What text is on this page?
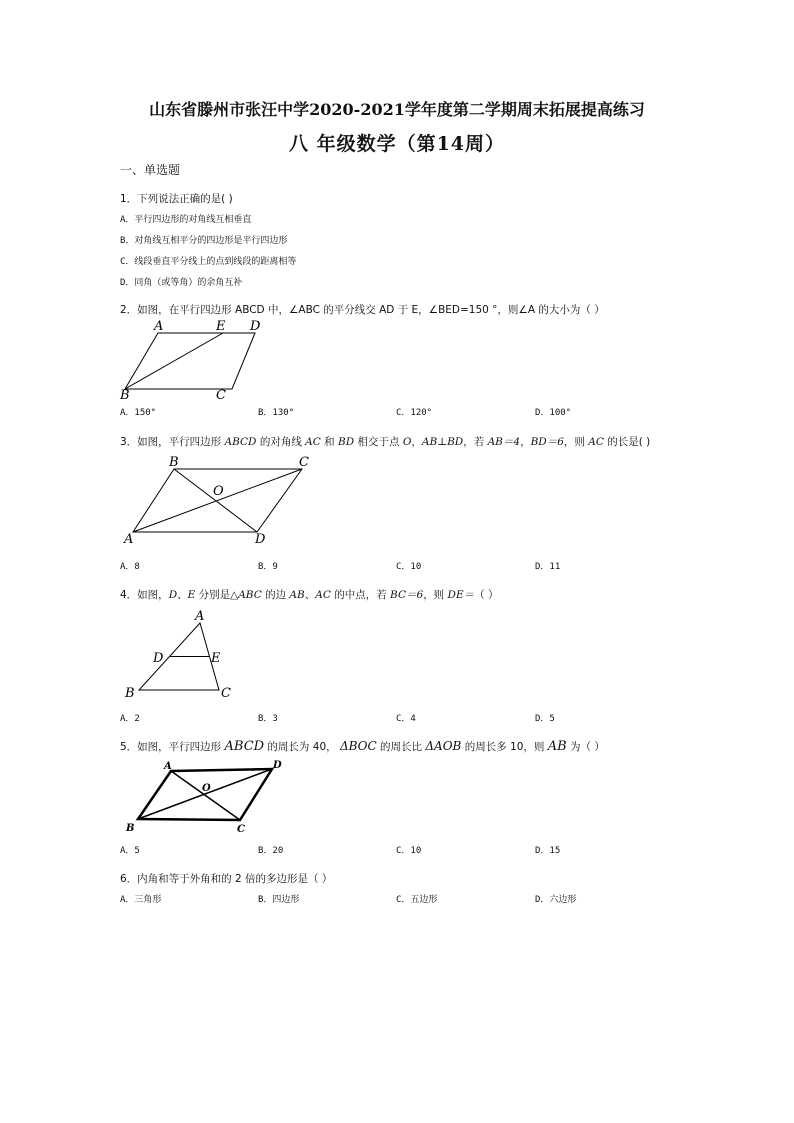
山东省滕州市张汪中学2020-2021学年度第二学期周末拓展提高练习
八 年级数学（第14周）
一、单选题
1．下列说法正确的是( )
A．平行四边形的对角线互相垂直
B．对角线互相平分的四边形是平行四边形
C．线段垂直平分线上的点到线段的距离相等
D．同角（或等角）的余角互补
2．如图，在平行四边形 ABCD 中，∠ABC 的平分线交 AD 于 E，∠BED=150 °，则∠A 的大小为（ ）
A	E D
B	C
A．150°	B．130°	C．120°	D．100°
3．如图，平行四边形 ABCD 的对角线 AC 和 BD 相交于点 O，AB⊥BD，若 AB＝4，BD＝6，则 AC 的长是( )
B	C
O
A	D
A．8	B．9	C．10	D．11
4．如图，D、E 分别是△ABC 的边 AB、AC 的中点，若 BC＝6，则 DE＝（ ）
A
D	E
B	C
A．2	B．3	C．4	D．5
5．如图，平行四边形 ABCD 的周长为 40， ΔBOC 的周长比 ΔAOB 的周长多 10，则 AB 为（ ）
A	D
O
B	C
A．5	B．20	C．10	D．15
6．内角和等于外角和的 2 倍的多边形是（ ）
A．三角形	B．四边形	C．五边形	D．六边形
